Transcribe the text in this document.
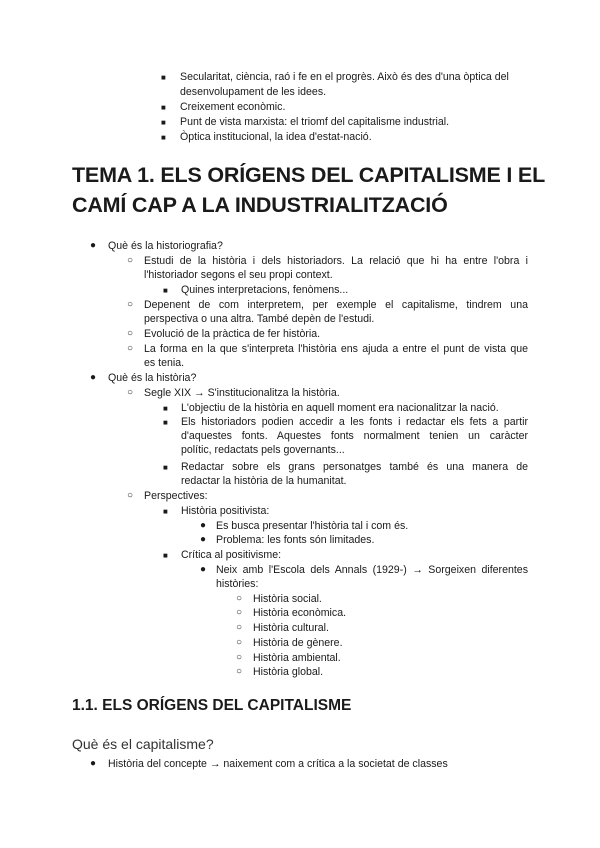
■ Secularitat, ciència, raó i fe en el progrès. Això és des d'una òptica del
desenvolupament de les idees.
■ Creixement econòmic.
■ Punt de vista marxista: el triomf del capitalisme industrial.
■ Òptica institucional, la idea d'estat-nació.
TEMA 1. ELS ORÍGENS DEL CAPITALISME I EL
CAMÍ CAP A LA INDUSTRIALITZACIÓ
● Què és la historiografia?
○ Estudi de la història i dels historiadors. La relació que hi ha entre l'obra i
l'historiador segons el seu propi context.
■ Quines interpretacions, fenòmens...
○ Depenent de com interpretem, per exemple el capitalisme, tindrem una
perspectiva o una altra. També depèn de l'estudi.
○ Evolució de la pràctica de fer història.
○ La forma en la que s'interpreta l'història ens ajuda a entre el punt de vista que
es tenia.
● Què és la història?
○ Segle XIX → S'institucionalitza la història.
■ L'objectiu de la història en aquell moment era nacionalitzar la nació.
■ Els historiadors podien accedir a les fonts i redactar els fets a partir
d'aquestes fonts. Aquestes fonts normalment tenien un caràcter
polític, redactats pels governants...
■ Redactar sobre els grans personatges també és una manera de
redactar la història de la humanitat.
○ Perspectives:
■ Història positivista:
● Es busca presentar l'història tal i com és.
● Problema: les fonts són limitades.
■ Crítica al positivisme:
● Neix amb l'Escola dels Annals (1929-) → Sorgeixen diferentes
històries:
○ Història social.
○ Història econòmica.
○ Història cultural.
○ Història de gènere.
○ Història ambiental.
○ Història global.
1.1. ELS ORÍGENS DEL CAPITALISME
Què és el capitalisme?
● Història del concepte → naixement com a crítica a la societat de classes
